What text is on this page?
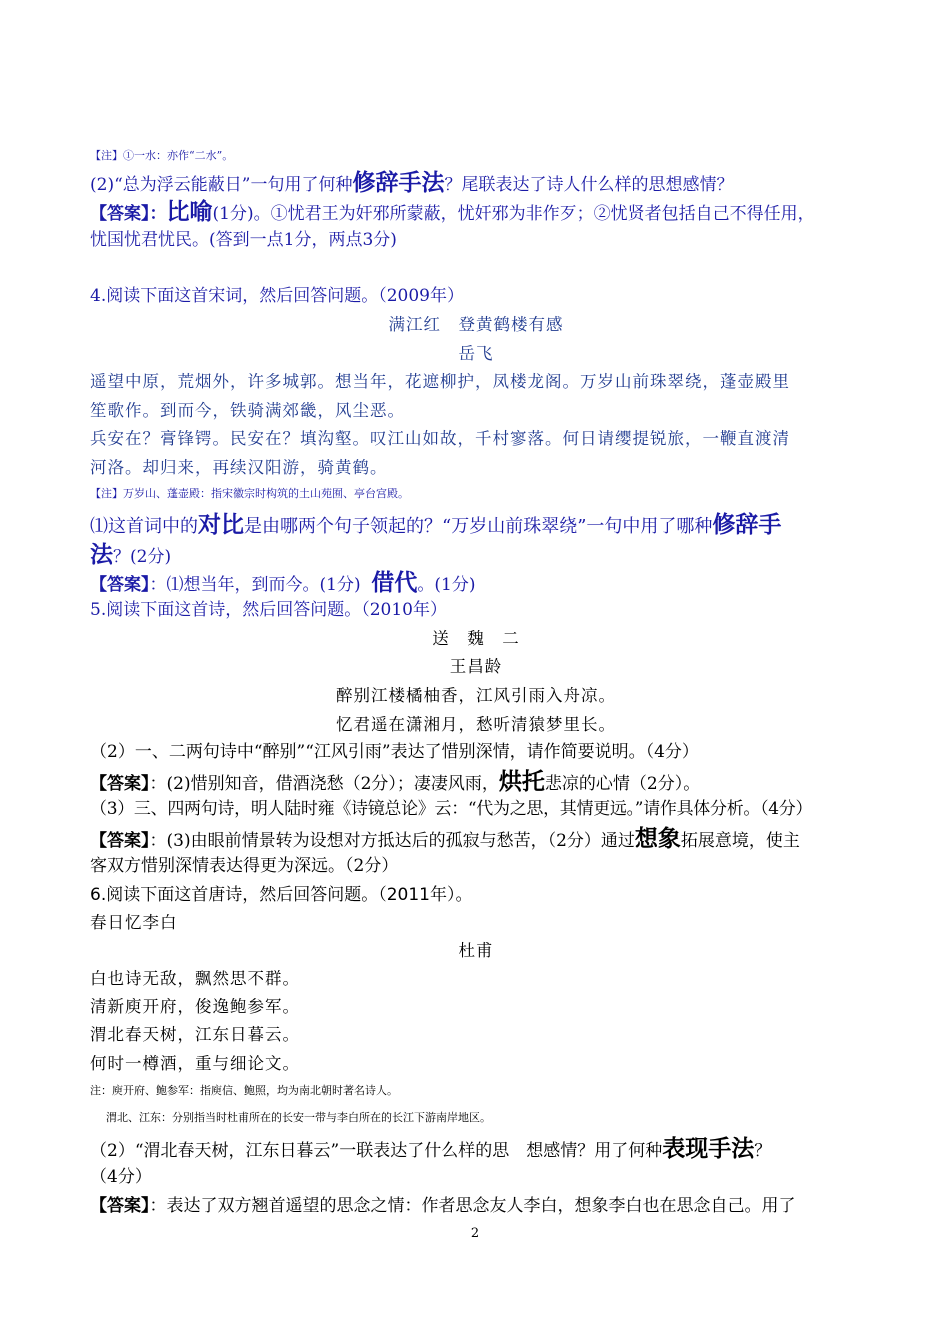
【注】①一水：亦作“二水”。
(2)“总为浮云能蔽日”一句用了何种修辞手法？尾联表达了诗人什么样的思想感情？
【答案】：比喻(1分)。①忧君王为奸邪所蒙蔽，忧奸邪为非作歹；②忧贤者包括自己不得任用，
忧国忧君忧民。(答到一点1分，两点3分)
4.阅读下面这首宋词，然后回答问题。（2009年）
满江红　登黄鹤楼有感
岳飞
遥望中原，荒烟外，许多城郭。想当年，花遮柳护，凤楼龙阁。万岁山前珠翠绕，蓬壶殿里
笙歌作。到而今，铁骑满郊畿，风尘恶。
兵安在？膏锋锷。民安在？填沟壑。叹江山如故，千村寥落。何日请缨提锐旅，一鞭直渡清
河洛。却归来，再续汉阳游，骑黄鹤。
【注】万岁山、蓬壶殿：指宋徽宗时构筑的土山苑囿、亭台宫殿。
⑴这首词中的对比是由哪两个句子领起的？“万岁山前珠翠绕”一句中用了哪种修辞手
法？(2分)
【答案】：⑴想当年，到而今。(1分) 借代。(1分)
5.阅读下面这首诗，然后回答问题。（2010年）
送　魏　二
王昌龄
醉别江楼橘柚香，江风引雨入舟凉。
忆君遥在潇湘月，愁听清猿梦里长。
（2）一、二两句诗中“醉别”“江风引雨”表达了惜别深情，请作简要说明。（4分）
【答案】：(2)惜别知音，借酒浇愁（2分）；凄凄风雨，烘托悲凉的心情（2分）。
（3）三、四两句诗，明人陆时雍《诗镜总论》云：“代为之思，其情更远。”请作具体分析。（4分）
【答案】：(3)由眼前情景转为设想对方抵达后的孤寂与愁苦，（2分）通过想象拓展意境，使主
客双方惜别深情表达得更为深远。（2分）
6.阅读下面这首唐诗，然后回答问题。（2011年）。
春日忆李白
杜甫
白也诗无敌，飘然思不群。
清新庾开府，俊逸鲍参军。
渭北春天树，江东日暮云。
何时一樽酒，重与细论文。
注：庾开府、鲍参军：指庾信、鲍照，均为南北朝时著名诗人。
渭北、江东：分别指当时杜甫所在的长安一带与李白所在的长江下游南岸地区。
（2）“渭北春天树，江东日暮云”一联表达了什么样的思　想感情？用了何种表现手法？
（4分）
【答案】：表达了双方翘首遥望的思念之情：作者思念友人李白，想象李白也在思念自己。用了
2
